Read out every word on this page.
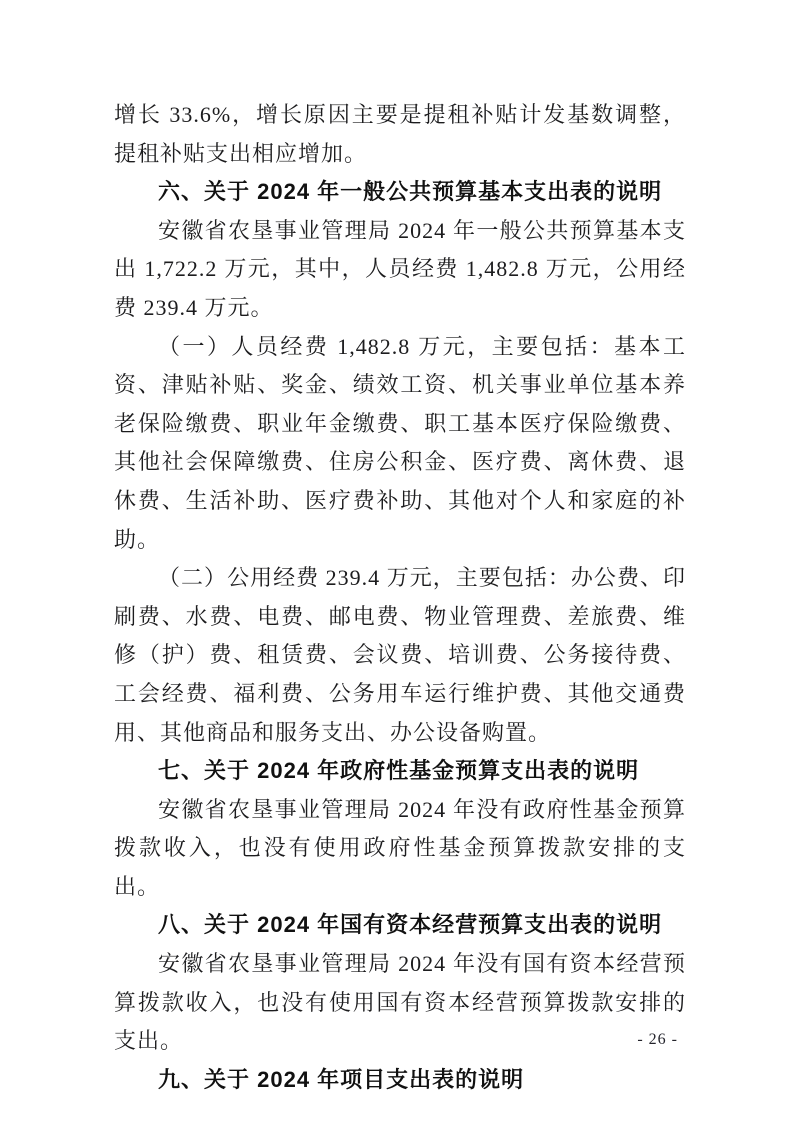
增长 33.6%，增长原因主要是提租补贴计发基数调整，提租补贴支出相应增加。

六、关于 2024 年一般公共预算基本支出表的说明

安徽省农垦事业管理局 2024 年一般公共预算基本支出 1,722.2 万元，其中，人员经费 1,482.8 万元，公用经费 239.4 万元。

（一）人员经费 1,482.8 万元，主要包括：基本工资、津贴补贴、奖金、绩效工资、机关事业单位基本养老保险缴费、职业年金缴费、职工基本医疗保险缴费、其他社会保障缴费、住房公积金、医疗费、离休费、退休费、生活补助、医疗费补助、其他对个人和家庭的补助。

（二）公用经费 239.4 万元，主要包括：办公费、印刷费、水费、电费、邮电费、物业管理费、差旅费、维修（护）费、租赁费、会议费、培训费、公务接待费、工会经费、福利费、公务用车运行维护费、其他交通费用、其他商品和服务支出、办公设备购置。

七、关于 2024 年政府性基金预算支出表的说明

安徽省农垦事业管理局 2024 年没有政府性基金预算拨款收入，也没有使用政府性基金预算拨款安排的支出。

八、关于 2024 年国有资本经营预算支出表的说明

安徽省农垦事业管理局 2024 年没有国有资本经营预算拨款收入，也没有使用国有资本经营预算拨款安排的支出。

九、关于 2024 年项目支出表的说明

- 26 -
